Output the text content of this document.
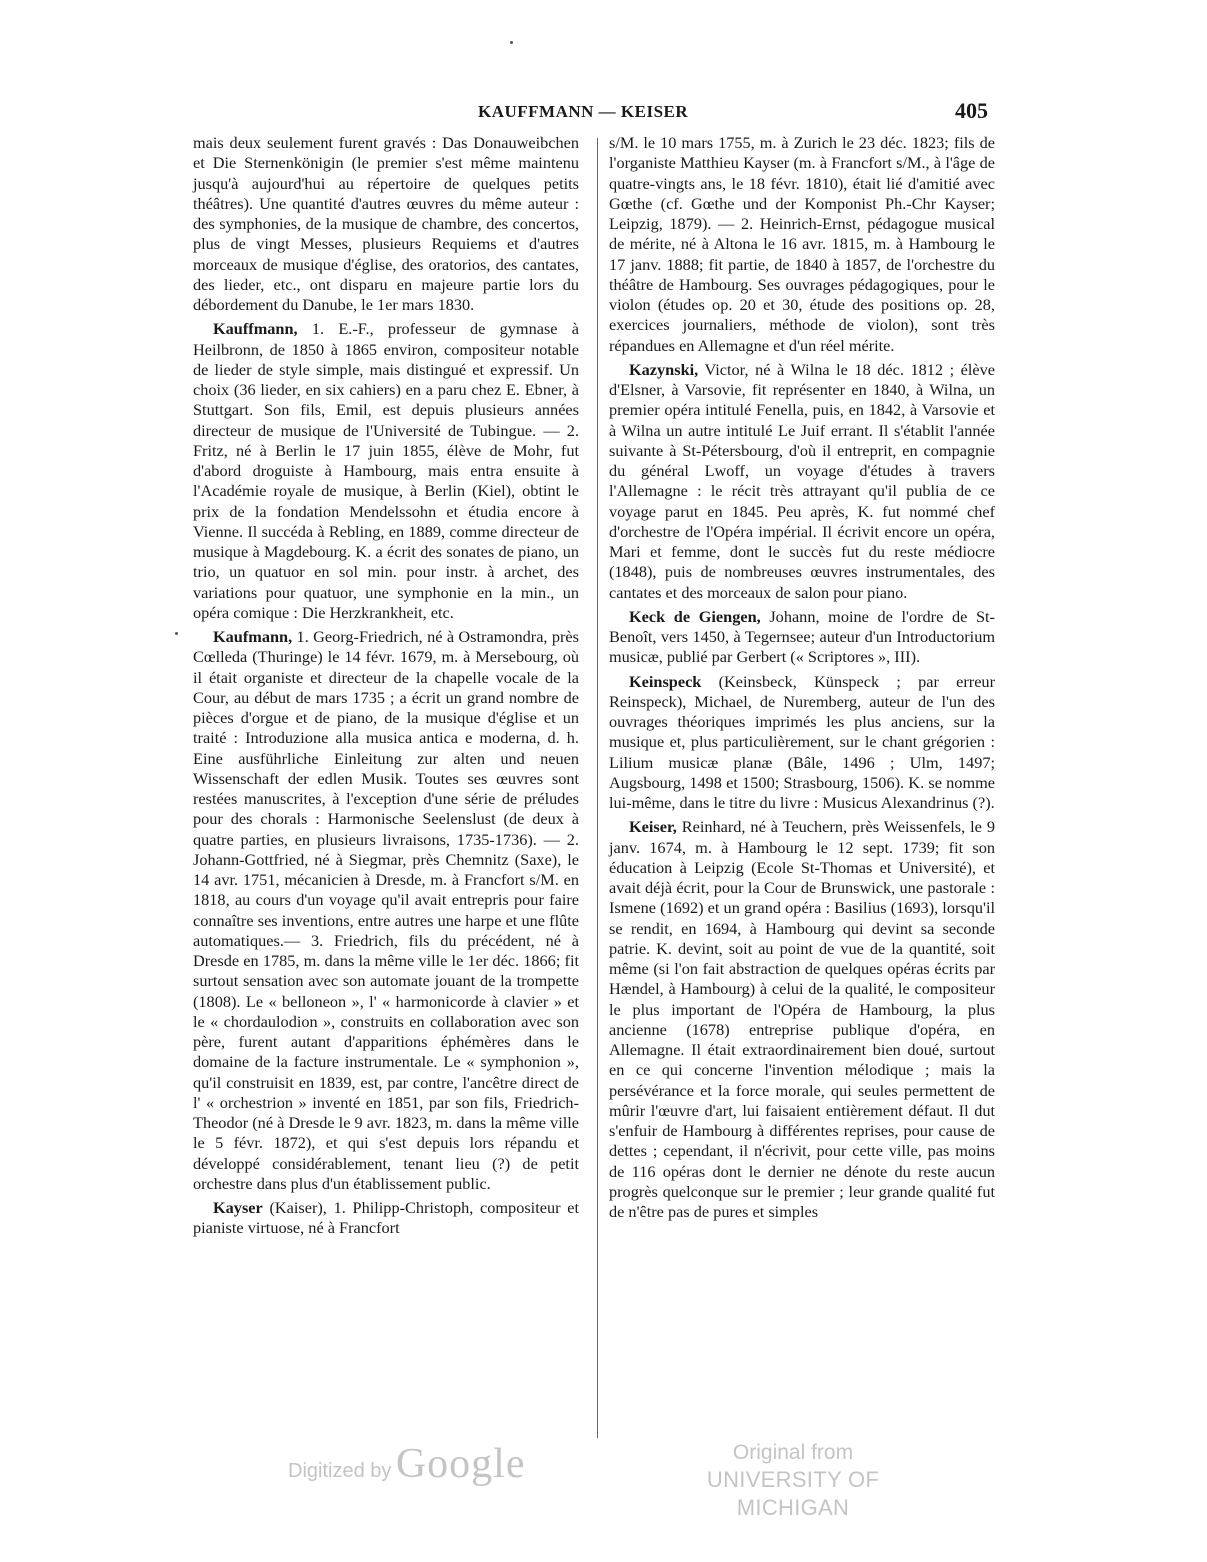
KAUFFMANN — KEISER	405

mais deux seulement furent gravés : Das Donauweibchen et Die Sternenkönigin (le premier s'est même maintenu jusqu'à aujourd'hui au répertoire de quelques petits théâtres). Une quantité d'autres œuvres du même auteur : des symphonies, de la musique de chambre, des concertos, plus de vingt Messes, plusieurs Requiems et d'autres morceaux de musique d'église, des oratorios, des cantates, des lieder, etc., ont disparu en majeure partie lors du débordement du Danube, le 1er mars 1830.

Kauffmann, 1. E.-F., professeur de gymnase à Heilbronn, de 1850 à 1865 environ, compositeur notable de lieder de style simple, mais distingué et expressif. Un choix (36 lieder, en six cahiers) en a paru chez E. Ebner, à Stuttgart. Son fils, Emil, est depuis plusieurs années directeur de musique de l'Université de Tubingue. — 2. Fritz, né à Berlin le 17 juin 1855, élève de Mohr, fut d'abord droguiste à Hambourg, mais entra ensuite à l'Académie royale de musique, à Berlin (Kiel), obtint le prix de la fondation Mendelssohn et étudia encore à Vienne. Il succéda à Rebling, en 1889, comme directeur de musique à Magdebourg. K. a écrit des sonates de piano, un trio, un quatuor en sol min. pour instr. à archet, des variations pour quatuor, une symphonie en la min., un opéra comique : Die Herzkrankheit, etc.

Kaufmann, 1. Georg-Friedrich, né à Ostramondra, près Cœlleda (Thuringe) le 14 févr. 1679, m. à Mersebourg, où il était organiste et directeur de la chapelle vocale de la Cour, au début de mars 1735 ; a écrit un grand nombre de pièces d'orgue et de piano, de la musique d'église et un traité : Introduzione alla musica antica e moderna, d. h. Eine ausführliche Einleitung zur alten und neuen Wissenschaft der edlen Musik. Toutes ses œuvres sont restées manuscrites, à l'exception d'une série de préludes pour des chorals : Harmonische Seelenslust (de deux à quatre parties, en plusieurs livraisons, 1735-1736). — 2. Johann-Gottfried, né à Siegmar, près Chemnitz (Saxe), le 14 avr. 1751, mécanicien à Dresde, m. à Francfort s/M. en 1818, au cours d'un voyage qu'il avait entrepris pour faire connaître ses inventions, entre autres une harpe et une flûte automatiques.— 3. Friedrich, fils du précédent, né à Dresde en 1785, m. dans la même ville le 1er déc. 1866; fit surtout sensation avec son automate jouant de la trompette (1808). Le « belloneon », l' « harmonicorde à clavier » et le « chordaulodion », construits en collaboration avec son père, furent autant d'apparitions éphémères dans le domaine de la facture instrumentale. Le « symphonion », qu'il construisit en 1839, est, par contre, l'ancêtre direct de l' « orchestrion » inventé en 1851, par son fils, Friedrich-Theodor (né à Dresde le 9 avr. 1823, m. dans la même ville le 5 févr. 1872), et qui s'est depuis lors répandu et développé considérablement, tenant lieu (?) de petit orchestre dans plus d'un établissement public.

Kayser (Kaiser), 1. Philipp-Christoph, compositeur et pianiste virtuose, né à Francfort

s/M. le 10 mars 1755, m. à Zurich le 23 déc. 1823; fils de l'organiste Matthieu Kayser (m. à Francfort s/M., à l'âge de quatre-vingts ans, le 18 févr. 1810), était lié d'amitié avec Gœthe (cf. Gœthe und der Komponist Ph.-Chr Kayser; Leipzig, 1879). — 2. Heinrich-Ernst, pédagogue musical de mérite, né à Altona le 16 avr. 1815, m. à Hambourg le 17 janv. 1888; fit partie, de 1840 à 1857, de l'orchestre du théâtre de Hambourg. Ses ouvrages pédagogiques, pour le violon (études op. 20 et 30, étude des positions op. 28, exercices journaliers, méthode de violon), sont très répandues en Allemagne et d'un réel mérite.

Kazynski, Victor, né à Wilna le 18 déc. 1812 ; élève d'Elsner, à Varsovie, fit représenter en 1840, à Wilna, un premier opéra intitulé Fenella, puis, en 1842, à Varsovie et à Wilna un autre intitulé Le Juif errant. Il s'établit l'année suivante à St-Pétersbourg, d'où il entreprit, en compagnie du général Lwoff, un voyage d'études à travers l'Allemagne : le récit très attrayant qu'il publia de ce voyage parut en 1845. Peu après, K. fut nommé chef d'orchestre de l'Opéra impérial. Il écrivit encore un opéra, Mari et femme, dont le succès fut du reste médiocre (1848), puis de nombreuses œuvres instrumentales, des cantates et des morceaux de salon pour piano.

Keck de Giengen, Johann, moine de l'ordre de St-Benoît, vers 1450, à Tegernsee; auteur d'un Introductorium musicæ, publié par Gerbert (« Scriptores », III).

Keinspeck (Keinsbeck, Künspeck ; par erreur Reinspeck), Michael, de Nuremberg, auteur de l'un des ouvrages théoriques imprimés les plus anciens, sur la musique et, plus particulièrement, sur le chant grégorien : Lilium musicæ planæ (Bâle, 1496 ; Ulm, 1497; Augsbourg, 1498 et 1500; Strasbourg, 1506). K. se nomme lui-même, dans le titre du livre : Musicus Alexandrinus (?).

Keiser, Reinhard, né à Teuchern, près Weissenfels, le 9 janv. 1674, m. à Hambourg le 12 sept. 1739; fit son éducation à Leipzig (Ecole St-Thomas et Université), et avait déjà écrit, pour la Cour de Brunswick, une pastorale : Ismene (1692) et un grand opéra : Basilius (1693), lorsqu'il se rendit, en 1694, à Hambourg qui devint sa seconde patrie. K. devint, soit au point de vue de la quantité, soit même (si l'on fait abstraction de quelques opéras écrits par Hændel, à Hambourg) à celui de la qualité, le compositeur le plus important de l'Opéra de Hambourg, la plus ancienne (1678) entreprise publique d'opéra, en Allemagne. Il était extraordinairement bien doué, surtout en ce qui concerne l'invention mélodique ; mais la persévérance et la force morale, qui seules permettent de mûrir l'œuvre d'art, lui faisaient entièrement défaut. Il dut s'enfuir de Hambourg à différentes reprises, pour cause de dettes ; cependant, il n'écrivit, pour cette ville, pas moins de 116 opéras dont le dernier ne dénote du reste aucun progrès quelconque sur le premier ; leur grande qualité fut de n'être pas de pures et simples

Digitized by Google	Original from
UNIVERSITY OF MICHIGAN
